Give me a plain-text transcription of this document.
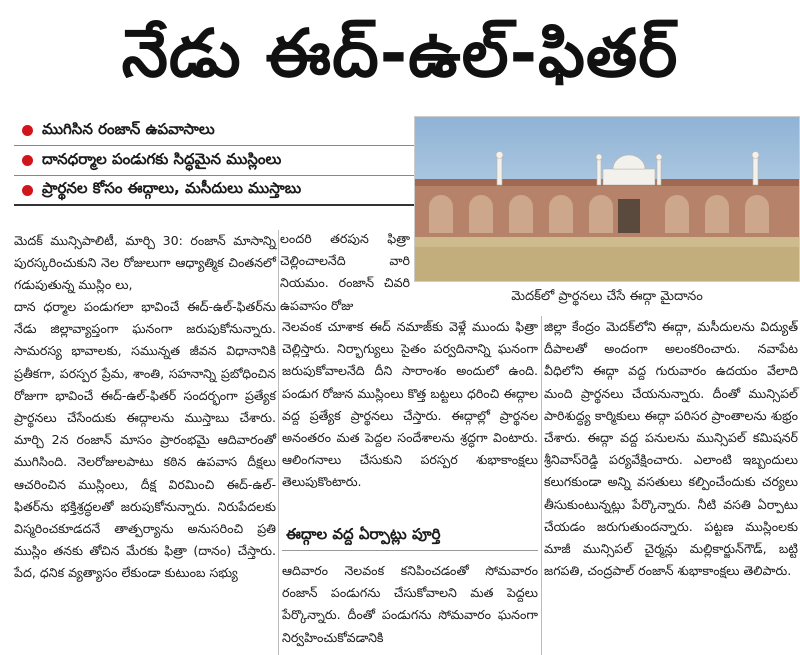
నేడు ఈద్-ఉల్-ఫితర్
ముగిసిన రంజాన్ ఉపవాసాలు
దానధర్మాల పండుగకు సిద్ధమైన ముస్లింలు
ప్రార్థనల కోసం ఈద్గాలు, మసీదులు ముస్తాబు
మెదక్‌లో ప్రార్థనలు చేసే ఈద్గా మైదానం

మెదక్ మున్సిపాలిటీ, మార్చి 30: రంజాన్ మాసాన్ని పురస్కరించుకుని నెల రోజులుగా ఆధ్యాత్మిక చింతనలో గడుపుతున్న ముస్లిం లు,

దాన ధర్మాల పండుగలా భావించే ఈద్-ఉల్-ఫితర్‌ను నేడు జిల్లావ్యాప్తంగా ఘనంగా జరుపుకోనున్నారు. సామరస్య భావాలకు, సమున్నత జీవన విధానానికి ప్రతీకగా, పరస్పర ప్రేమ, శాంతి, సహనాన్ని ప్రబోధించిన రోజుగా భావించే ఈద్-ఉల్-ఫితర్ సందర్భంగా ప్రత్యేక ప్రార్థనలు చేసేందుకు ఈద్గాలను ముస్తాబు చేశారు. మార్చి 2న రంజాన్ మాసం ప్రారంభమై ఆదివారంతో ముగిసింది. నెలరోజులపాటు కఠిన ఉపవాస దీక్షలు ఆచరించిన ముస్లింలు, దీక్ష విరమించి ఈద్-ఉల్-ఫితర్‌ను భక్తిశ్రద్ధలతో జరుపుకోనున్నారు. నిరుపేదలకు విస్మరించకూడదనే తాత్పర్యాను అనుసరించి ప్రతి ముస్లిం తనకు తోచిన మేరకు ఫిత్రా (దానం) చేస్తారు. పేద, ధనిక వ్యత్యాసం లేకుండా కుటుంబ సభ్యు

లందరి తరపున ఫిత్రా చెల్లించాలనేది వారి నియమం. రంజాన్ చివరి ఉపవాసం రోజు

నెలవంక చూశాక ఈద్ నమాజ్‌కు వెళ్లే ముందు ఫిత్రా చెల్లిస్తారు. నిర్భాగ్యులు సైతం పర్వదినాన్ని ఘనంగా జరుపుకోవాలనేది దీని సారాంశం అందులో ఉంది. పండుగ రోజున ముస్లింలు కొత్త బట్టలు ధరించి ఈద్గాల వద్ద ప్రత్యేక ప్రార్థనలు చేస్తారు. ఈద్గాల్లో ప్రార్థనల అనంతరం మత పెద్దల సందేశాలను శ్రద్ధగా వింటారు. ఆలింగనాలు చేసుకుని పరస్పర శుభాకాంక్షలు తెలుపుకొంటారు.

ఈద్గాల వద్ద ఏర్పాట్లు పూర్తి

ఆదివారం నెలవంక కనిపించడంతో సోమవారం రంజాన్ పండుగను చేసుకోవాలని మత పెద్దలు పేర్కొన్నారు. దీంతో పండుగను సోమవారం ఘనంగా నిర్వహించుకోవడానికి

జిల్లా కేంద్రం మెదక్‌లోని ఈద్గా, మసీదులను విద్యుత్ దీపాలతో అందంగా అలంకరించారు. నవాపేట వీధిలోని ఈద్గా వద్ద గురువారం ఉదయం వేలాది మంది ప్రార్థనలు చేయనున్నారు. దీంతో మున్సిపల్ పారిశుద్ధ్య కార్మికులు ఈద్గా పరిసర ప్రాంతాలను శుభ్రం చేశారు. ఈద్గా వద్ద పనులను మున్సిపల్ కమిషనర్ శ్రీనివాస్‌రెడ్డి పర్యవేక్షించారు. ఎలాంటి ఇబ్బందులు కలుగకుండా అన్ని వసతులు కల్పించేందుకు చర్యలు తీసుకుంటున్నట్లు పేర్కొన్నారు. నీటి వసతి ఏర్పాటు చేయడం జరుగుతుందన్నారు. పట్టణ ముస్లింలకు మాజీ మున్సిపల్ చైర్మన్లు మల్లికార్జున్‌గౌడ్, బట్టి జగపతి, చంద్రపాల్ రంజాన్ శుభాకాంక్షలు తెలిపారు.
